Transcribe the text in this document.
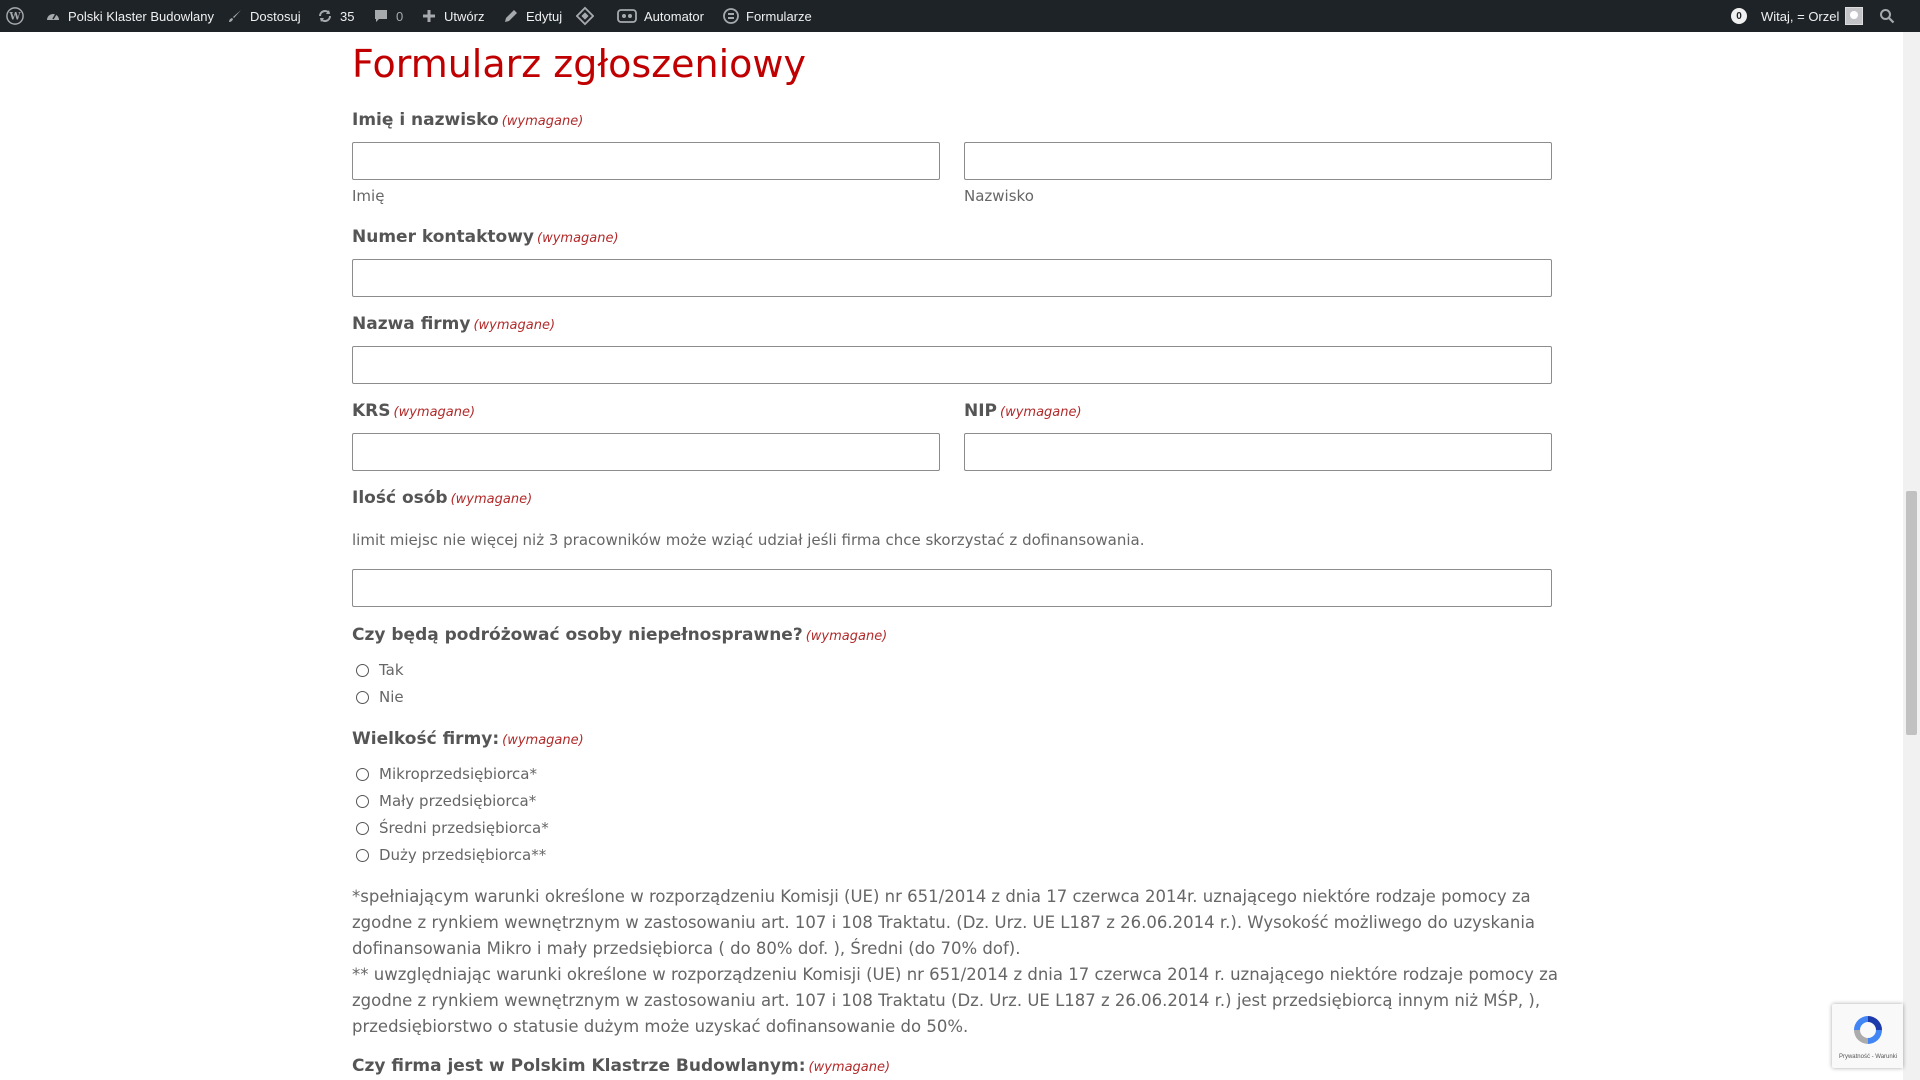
W	Polski Klaster Budowlany	Dostosuj	35	0	Utwórz	Edytuj	Automator	Formularze	0	Witaj, = Orzel
Formularz zgłoszeniowy
Imię i nazwisko (wymagane)
Imię	Nazwisko
Numer kontaktowy (wymagane)
Nazwa firmy (wymagane)
KRS (wymagane)	NIP (wymagane)
Ilość osób (wymagane)
limit miejsc nie więcej niż 3 pracowników może wziąć udział jeśli firma chce skorzystać z dofinansowania.
Czy będą podróżować osoby niepełnosprawne? (wymagane)
Tak
Nie
Wielkość firmy: (wymagane)
Mikroprzedsiębiorca*
Mały przedsiębiorca*
Średni przedsiębiorca*
Duży przedsiębiorca**

*spełniającym warunki określone w rozporządzeniu Komisji (UE) nr 651/2014 z dnia 17 czerwca 2014r. uznającego niektóre rodzaje pomocy za

zgodne z rynkiem wewnętrznym w zastosowaniu art. 107 i 108 Traktatu. (Dz. Urz. UE L187 z 26.06.2014 r.). Wysokość możliwego do uzyskania

dofinansowania Mikro i mały przedsiębiorca ( do 80% dof. ), Średni (do 70% dof).

** uwzględniając warunki określone w rozporządzeniu Komisji (UE) nr 651/2014 z dnia 17 czerwca 2014 r. uznającego niektóre rodzaje pomocy za

zgodne z rynkiem wewnętrznym w zastosowaniu art. 107 i 108 Traktatu (Dz. Urz. UE L187 z 26.06.2014 r.) jest przedsiębiorcą innym niż MŚP, ),

przedsiębiorstwo o statusie dużym może uzyskać dofinansowanie do 50%.

Czy firma jest w Polskim Klastrze Budowlanym: (wymagane)
Prywatność - Warunki
